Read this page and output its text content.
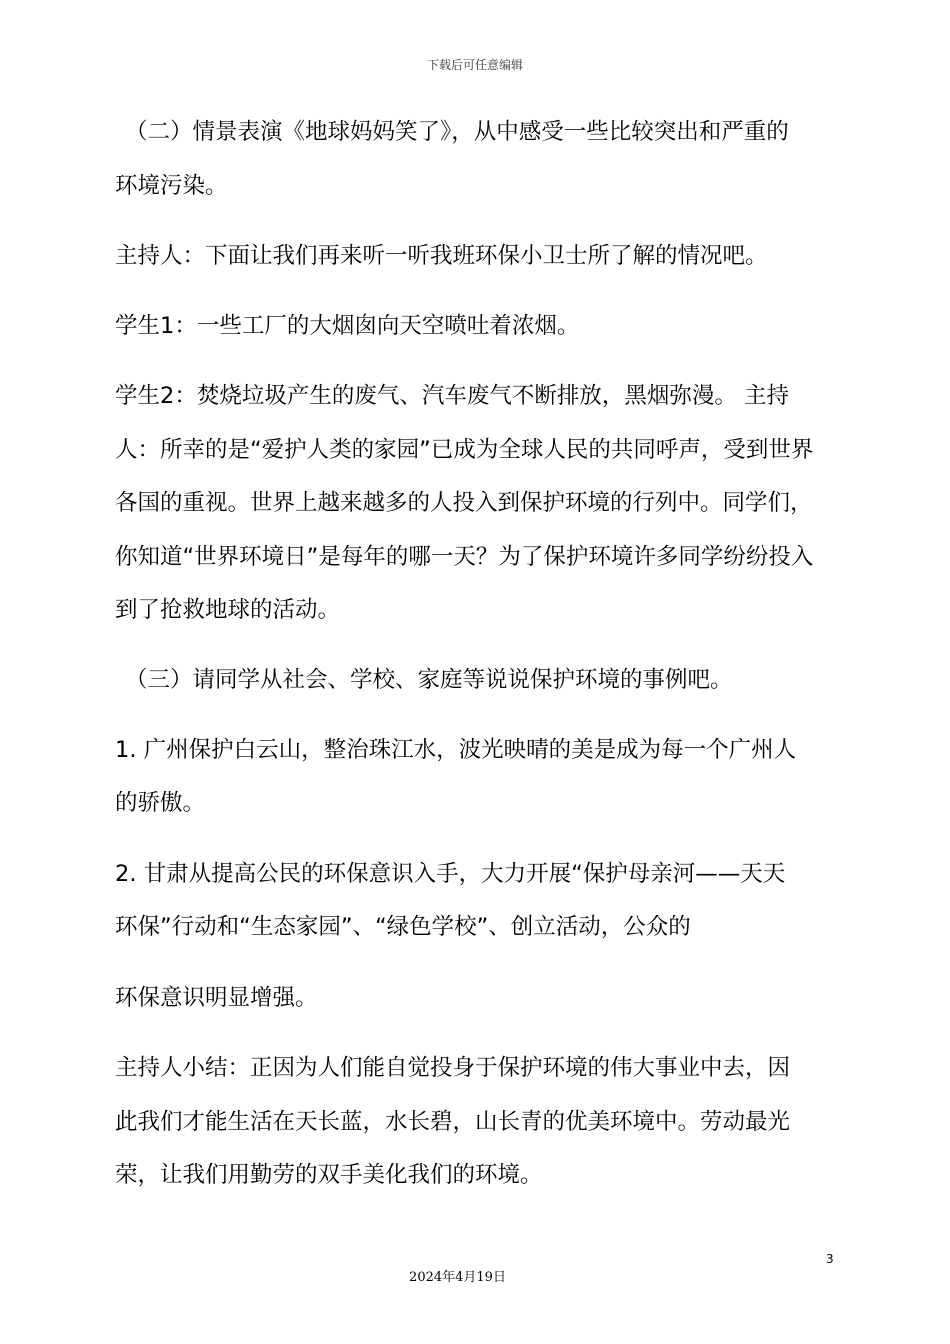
下载后可任意编辑
（二）情景表演《地球妈妈笑了》，从中感受一些比较突出和严重的
环境污染。
主持人：下面让我们再来听一听我班环保小卫士所了解的情况吧。
学生1：一些工厂的大烟囱向天空喷吐着浓烟。
学生2：焚烧垃圾产生的废气、汽车废气不断排放，黑烟弥漫。 主持
人：所幸的是“爱护人类的家园”已成为全球人民的共同呼声，受到世界
各国的重视。世界上越来越多的人投入到保护环境的行列中。同学们，
你知道“世界环境日”是每年的哪一天？为了保护环境许多同学纷纷投入
到了抢救地球的活动。
（三）请同学从社会、学校、家庭等说说保护环境的事例吧。
1. 广州保护白云山，整治珠江水，波光映晴的美是成为每一个广州人
的骄傲。
2. 甘肃从提高公民的环保意识入手，大力开展“保护母亲河——天天
环保”行动和“生态家园”、“绿色学校”、创立活动，公众的
环保意识明显增强。
主持人小结：正因为人们能自觉投身于保护环境的伟大事业中去，因
此我们才能生活在天长蓝，水长碧，山长青的优美环境中。劳动最光
荣，让我们用勤劳的双手美化我们的环境。
3
2024年4月19日
